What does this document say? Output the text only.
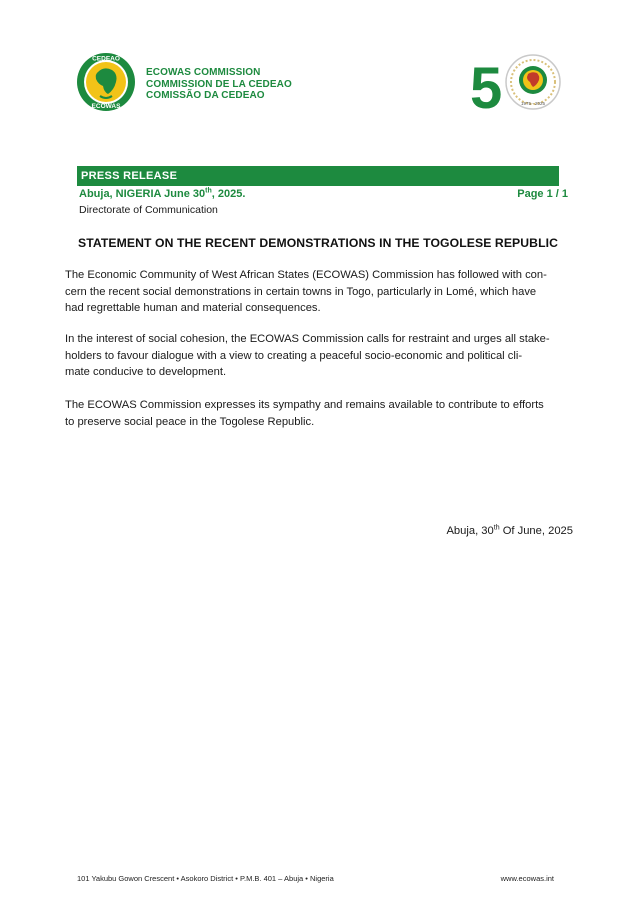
CEDEAO
ECOWAS
ECOWAS COMMISSION
COMMISSION DE LA CEDEAO
COMISSÃO DA CEDEAO	5	1975 - 2025
PRESS RELEASE
Abuja, NIGERIA June 30th, 2025.	Page 1 / 1
Directorate of Communication
STATEMENT ON THE RECENT DEMONSTRATIONS IN THE TOGOLESE REPUBLIC
The Economic Community of West African States (ECOWAS) Commission has followed with con-
cern the recent social demonstrations in certain towns in Togo, particularly in Lomé, which have
had regrettable human and material consequences.
In the interest of social cohesion, the ECOWAS Commission calls for restraint and urges all stake-
holders to favour dialogue with a view to creating a peaceful socio-economic and political cli-
mate conducive to development.
The ECOWAS Commission expresses its sympathy and remains available to contribute to efforts
to preserve social peace in the Togolese Republic.
Abuja, 30th Of June, 2025
101 Yakubu Gowon Crescent • Asokoro District • P.M.B. 401 – Abuja • Nigeria	www.ecowas.int
